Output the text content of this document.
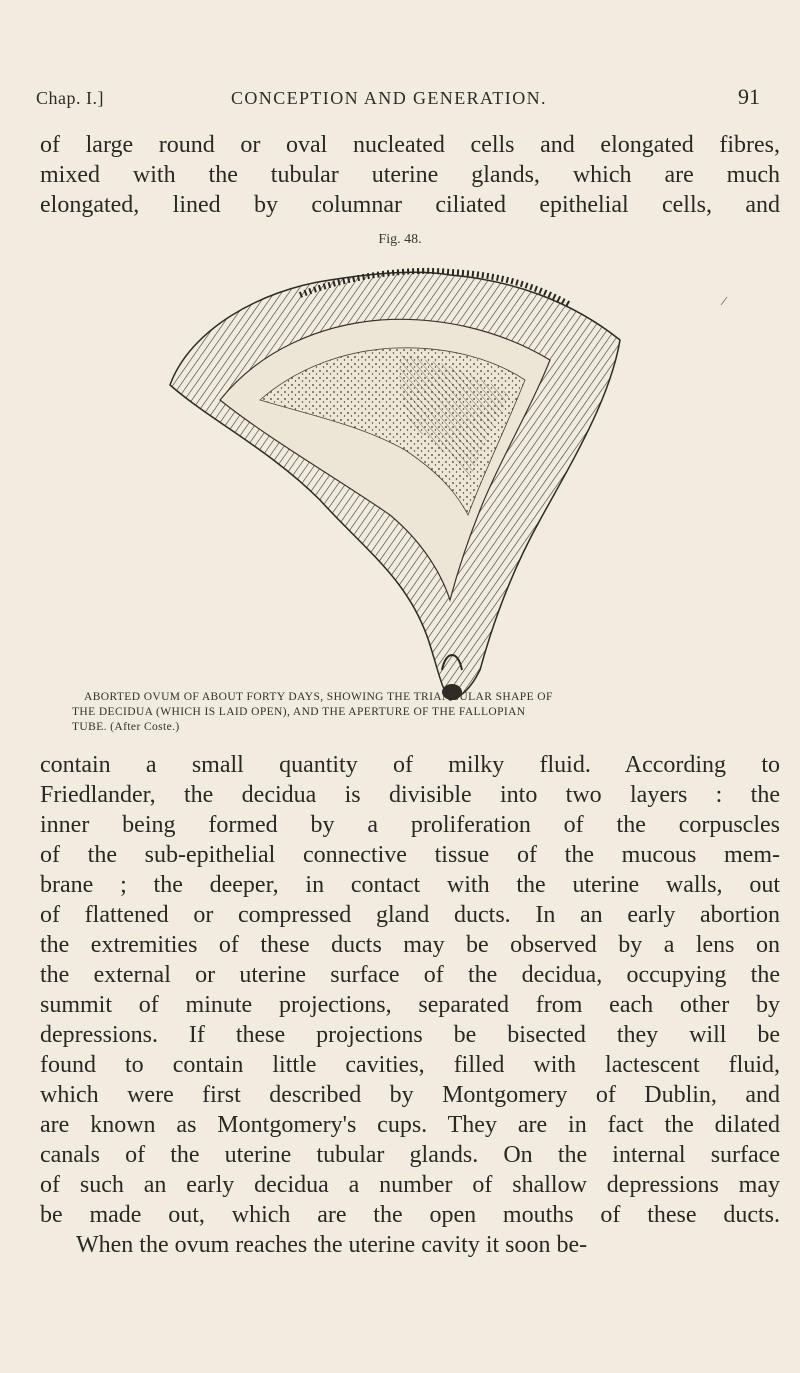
Chap. I.]	CONCEPTION AND GENERATION.	91
of large round or oval nucleated cells and elongated fibres,
mixed with the tubular uterine glands, which are much
elongated, lined by columnar ciliated epithelial cells, and
Fig. 48.
ABORTED OVUM OF ABOUT FORTY DAYS, SHOWING THE TRIANGULAR SHAPE OF
THE DECIDUA (WHICH IS LAID OPEN), AND THE APERTURE OF THE FALLOPIAN
TUBE. (After Coste.)
contain a small quantity of milky fluid. According to
Friedlander, the decidua is divisible into two layers : the
inner being formed by a proliferation of the corpuscles
of the sub-epithelial connective tissue of the mucous mem-
brane ; the deeper, in contact with the uterine walls, out
of flattened or compressed gland ducts. In an early abortion
the extremities of these ducts may be observed by a lens on
the external or uterine surface of the decidua, occupying the
summit of minute projections, separated from each other by
depressions. If these projections be bisected they will be
found to contain little cavities, filled with lactescent fluid,
which were first described by Montgomery of Dublin, and
are known as Montgomery's cups. They are in fact the dilated
canals of the uterine tubular glands. On the internal surface
of such an early decidua a number of shallow depressions may
be made out, which are the open mouths of these ducts.
When the ovum reaches the uterine cavity it soon be-
